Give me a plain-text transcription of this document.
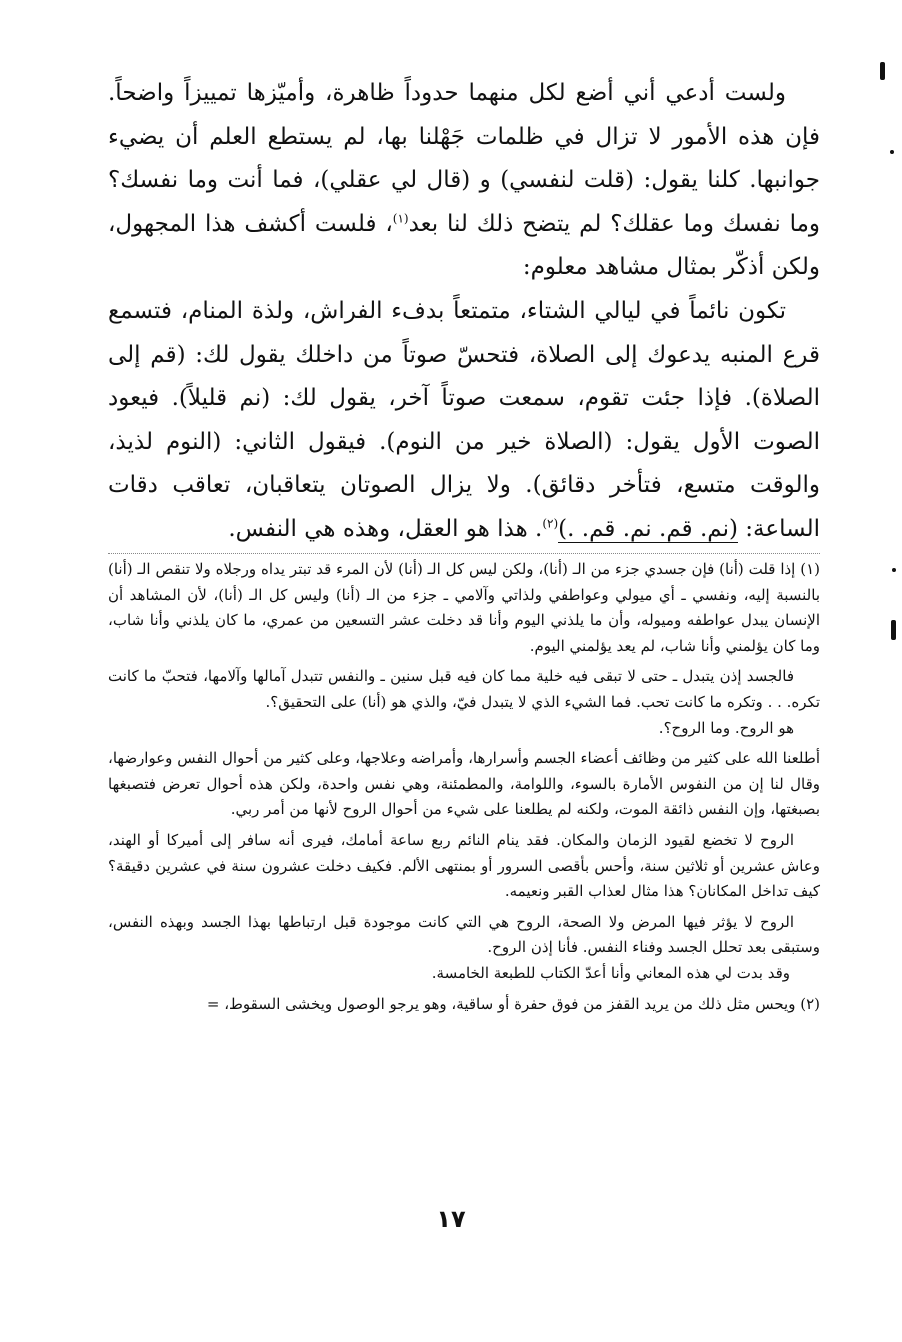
ولست أدعي أني أضع لكل منهما حدوداً ظاهرة، وأميّزها تمييزاً واضحاً. فإن هذه الأمور لا تزال في ظلمات جَهْلنا بها، لم يستطع العلم أن يضيء جوانبها. كلنا يقول: (قلت لنفسي) و (قال لي عقلي)، فما أنت وما نفسك؟ وما نفسك وما عقلك؟ لم يتضح ذلك لنا بعد$^{(١)}$، فلست أكشف هذا المجهول، ولكن أذكّر بمثال مشاهد معلوم:

تكون نائماً في ليالي الشتاء، متمتعاً بدفء الفراش، ولذة المنام، فتسمع قرع المنبه يدعوك إلى الصلاة، فتحسّ صوتاً من داخلك يقول لك: (قم إلى الصلاة). فإذا جئت تقوم، سمعت صوتاً آخر، يقول لك: (نم قليلاً). فيعود الصوت الأول يقول: (الصلاة خير من النوم). فيقول الثاني: (النوم لذيذ، والوقت متسع، فتأخر دقائق). ولا يزال الصوتان يتعاقبان، تعاقب دقات الساعة: (نم. قم. نم. قم. .)$^{(٢)}$. هذا هو العقل، وهذه هي النفس.

(١) إذا قلت (أنا) فإن جسدي جزء من الـ (أنا)، ولكن ليس كل الـ (أنا) لأن المرء قد تبتر يداه ورجلاه ولا تنقص الـ (أنا) بالنسبة إليه، ونفسي ـ أي ميولي وعواطفي ولذاتي وآلامي ـ جزء من الـ (أنا) وليس كل الـ (أنا)، لأن المشاهد أن الإنسان يبدل عواطفه وميوله، وأن ما يلذني اليوم وأنا قد دخلت عشر التسعين من عمري، ما كان يلذني وأنا شاب، وما كان يؤلمني وأنا شاب، لم يعد يؤلمني اليوم.

فالجسد إذن يتبدل ـ حتى لا تبقى فيه خلية مما كان فيه قبل سنين ـ والنفس تتبدل آمالها وآلامها، فتحبّ ما كانت تكره. . . وتكره ما كانت تحب. فما الشيء الذي لا يتبدل فيّ، والذي هو (أنا) على التحقيق؟.

هو الروح. وما الروح؟.

أطلعنا الله على كثير من وظائف أعضاء الجسم وأسرارها، وأمراضه وعلاجها، وعلى كثير من أحوال النفس وعوارضها، وقال لنا إن من النفوس الأمارة بالسوء، واللوامة، والمطمئنة، وهي نفس واحدة، ولكن هذه أحوال تعرض فتصبغها بصبغتها، وإن النفس ذائقة الموت، ولكنه لم يطلعنا على شيء من أحوال الروح لأنها من أمر ربي.

الروح لا تخضع لقيود الزمان والمكان. فقد ينام النائم ربع ساعة أمامك، فيرى أنه سافر إلى أميركا أو الهند، وعاش عشرين أو ثلاثين سنة، وأحس بأقصى السرور أو بمنتهى الألم. فكيف دخلت عشرون سنة في عشرين دقيقة؟ كيف تداخل المكانان؟ هذا مثال لعذاب القبر ونعيمه.

الروح لا يؤثر فيها المرض ولا الصحة، الروح هي التي كانت موجودة قبل ارتباطها بهذا الجسد وبهذه النفس، وستبقى بعد تحلل الجسد وفناء النفس. فأنا إذن الروح.

وقد بدت لي هذه المعاني وأنا أعدّ الكتاب للطبعة الخامسة.

(٢) ويحس مثل ذلك من يريد القفز من فوق حفرة أو ساقية، وهو يرجو الوصول ويخشى السقوط، =

١٧
